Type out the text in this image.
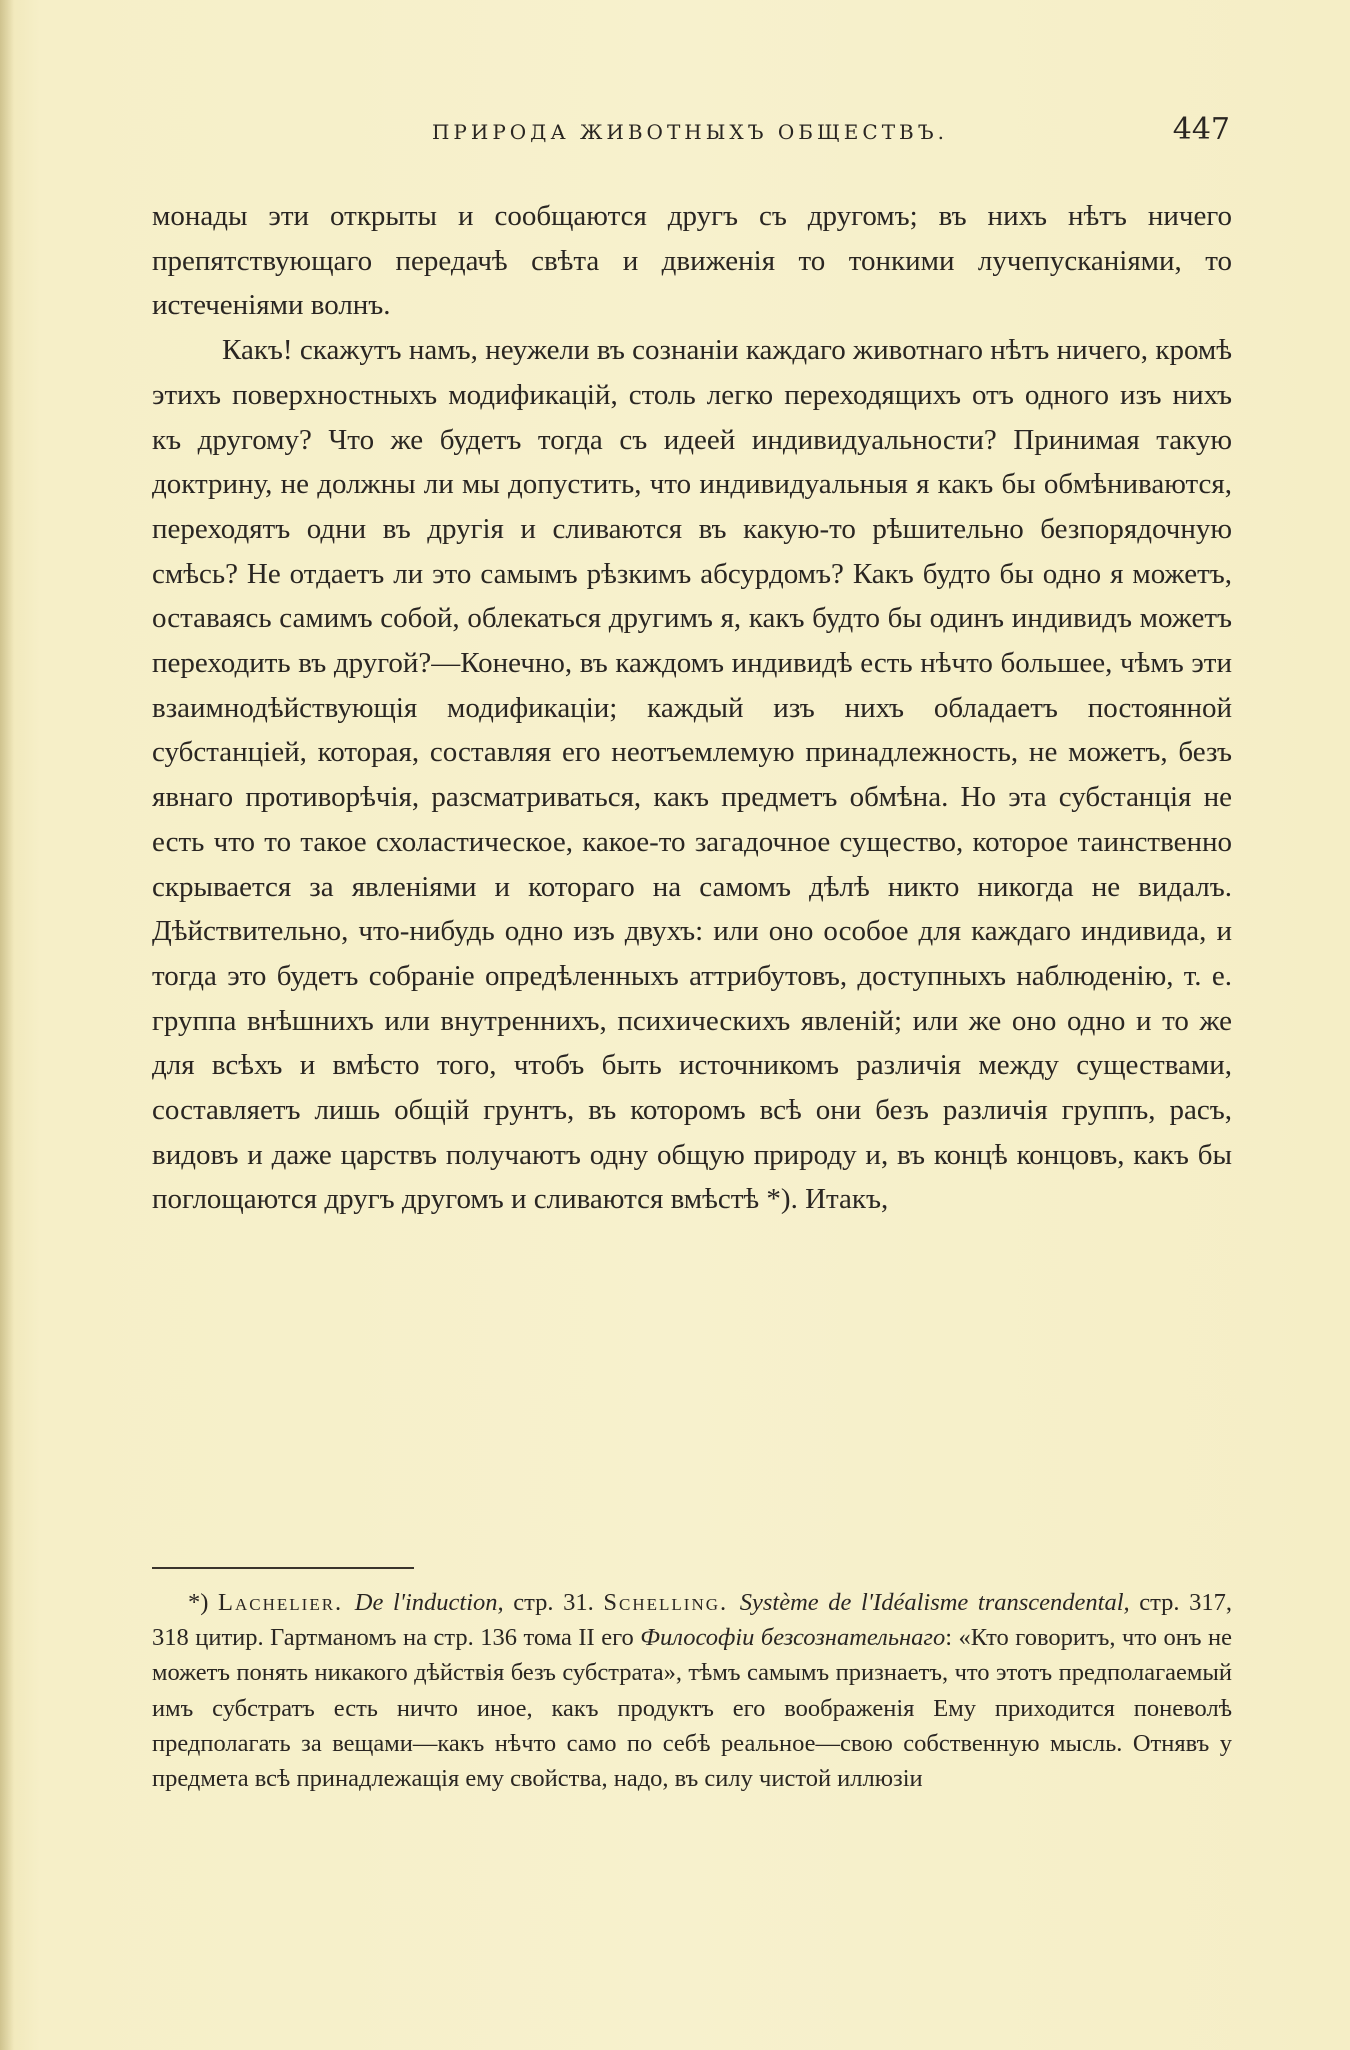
ПРИРОДА ЖИВОТНЫХЪ ОБЩЕСТВЪ.	447

монады эти открыты и сообщаются другъ съ другомъ; въ нихъ нѣтъ ничего препятствующаго передачѣ свѣта и движенія то тонкими лучепусканіями, то истеченіями волнъ.

Какъ! скажутъ намъ, неужели въ сознаніи каждаго животнаго нѣтъ ничего, кромѣ этихъ поверхностныхъ модификацій, столь легко переходящихъ отъ одного изъ нихъ къ другому? Что же будетъ тогда съ идеей индивидуальности? Принимая такую доктрину, не должны ли мы допустить, что индивидуальныя я какъ бы обмѣниваются, переходятъ одни въ другія и сливаются въ какую-то рѣшительно безпорядочную смѣсь? Не отдаетъ ли это самымъ рѣзкимъ абсурдомъ? Какъ будто бы одно я можетъ, оставаясь самимъ собой, облекаться другимъ я, какъ будто бы одинъ индивидъ можетъ переходить въ другой?—Конечно, въ каждомъ индивидѣ есть нѣчто большее, чѣмъ эти взаимнодѣйствующія модификаціи; каждый изъ нихъ обладаетъ постоянной субстанціей, которая, составляя его неотъемлемую принадлежность, не можетъ, безъ явнаго противорѣчія, разсматриваться, какъ предметъ обмѣна. Но эта субстанція не есть что то такое схоластическое, какое-то загадочное существо, которое таинственно скрывается за явленіями и котораго на самомъ дѣлѣ никто никогда не видалъ. Дѣйствительно, что-нибудь одно изъ двухъ: или оно особое для каждаго индивида, и тогда это будетъ собраніе опредѣленныхъ аттрибутовъ, доступныхъ наблюденію, т. е. группа внѣшнихъ или внутреннихъ, психическихъ явленій; или же оно одно и то же для всѣхъ и вмѣсто того, чтобъ быть источникомъ различія между существами, составляетъ лишь общій грунтъ, въ которомъ всѣ они безъ различія группъ, расъ, видовъ и даже царствъ получаютъ одну общую природу и, въ концѣ концовъ, какъ бы поглощаются другъ другомъ и сливаются вмѣстѣ *). Итакъ,

*) Lachelier. De l'induction, стр. 31. Schelling. Système de l'Idéalisme transcendental, стр. 317, 318 цитир. Гартманомъ на стр. 136 тома II его Философіи безсознательнаго: «Кто говоритъ, что онъ не можетъ понять никакого дѣйствія безъ субстрата», тѣмъ самымъ признаетъ, что этотъ предполагаемый имъ субстратъ есть ничто иное, какъ продуктъ его воображенія Ему приходится поневолѣ предполагать за вещами—какъ нѣчто само по себѣ реальное—свою собственную мысль. Отнявъ у предмета всѣ принадлежащія ему свойства, надо, въ силу чистой иллюзіи
